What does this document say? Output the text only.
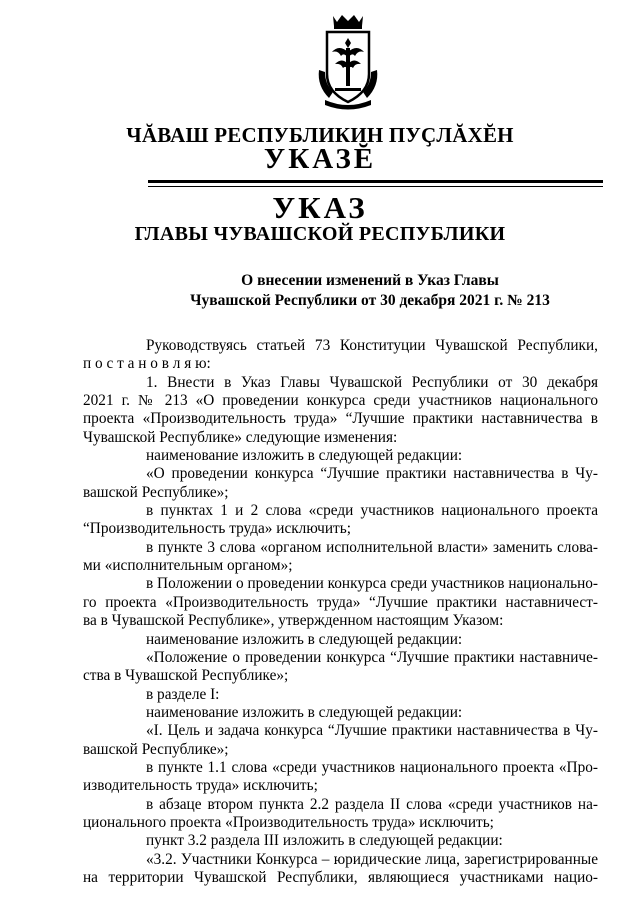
ЧĂВАШ РЕСПУБЛИКИН ПУҪЛĂХĔН
УКАЗĔ
УКАЗ
ГЛАВЫ ЧУВАШСКОЙ РЕСПУБЛИКИ
О внесении изменений в Указ Главы
Чувашской Республики от 30 декабря 2021 г. № 213
Руководствуясь статьей 73 Конституции Чувашской Республики,
п о с т а н о в л я ю:
1. Внести в Указ Главы Чувашской Республики от 30 декабря
2021 г. № 213 «О проведении конкурса среди участников национального
проекта «Производительность труда» “Лучшие практики наставничества в
Чувашской Республике» следующие изменения:
наименование изложить в следующей редакции:
«О проведении конкурса “Лучшие практики наставничества в Чу-
вашской Республике»;
в пунктах 1 и 2 слова «среди участников национального проекта
“Производительность труда» исключить;
в пункте 3 слова «органом исполнительной власти» заменить слова-
ми «исполнительным органом»;
в Положении о проведении конкурса среди участников национально-
го проекта «Производительность труда» “Лучшие практики наставничест-
ва в Чувашской Республике», утвержденном настоящим Указом:
наименование изложить в следующей редакции:
«Положение о проведении конкурса “Лучшие практики наставниче-
ства в Чувашской Республике»;
в разделе I:
наименование изложить в следующей редакции:
«I. Цель и задача конкурса “Лучшие практики наставничества в Чу-
вашской Республике»;
в пункте 1.1 слова «среди участников национального проекта «Про-
изводительность труда» исключить;
в абзаце втором пункта 2.2 раздела II слова «среди участников на-
ционального проекта «Производительность труда» исключить;
пункт 3.2 раздела III изложить в следующей редакции:
«3.2. Участники Конкурса – юридические лица, зарегистрированные
на территории Чувашской Республики, являющиеся участниками нацио-
